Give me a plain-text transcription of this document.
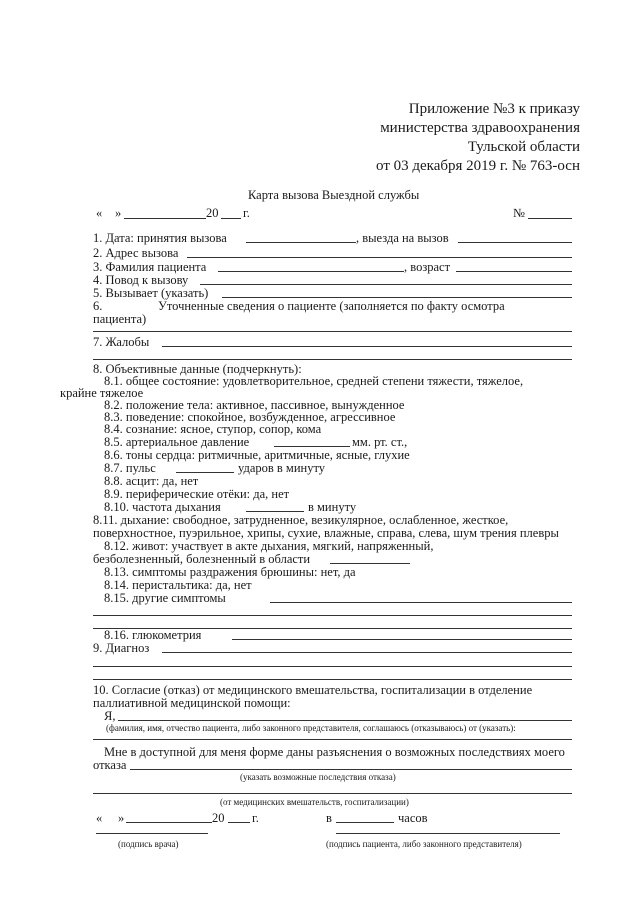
Приложение №3 к приказу
министерства здравоохранения
Тульской области
от 03 декабря 2019 г. № 763-осн
Карта вызова Выездной службы
« »	20 г.	№
1. Дата: принятия вызова	, выезда на вызов
2. Адрес вызова
3. Фамилия пациента	, возраст
4. Повод к вызову
5. Вызывает (указать)
6.	Уточненные сведения о пациенте (заполняется по факту осмотра
пациента)
7. Жалобы
8. Объективные данные (подчеркнуть):
8.1. общее состояние: удовлетворительное, средней степени тяжести, тяжелое,
крайне тяжелое
8.2. положение тела: активное, пассивное, вынужденное
8.3. поведение: спокойное, возбужденное, агрессивное
8.4. сознание: ясное, ступор, сопор, кома
8.5. артериальное давление	мм. рт. ст.,
8.6. тоны сердца: ритмичные, аритмичные, ясные, глухие
8.7. пульс	ударов в минуту
8.8. асцит: да, нет
8.9. периферические отёки: да, нет
8.10. частота дыхания	в минуту
8.11. дыхание: свободное, затрудненное, везикулярное, ослабленное, жесткое,
поверхностное, пуэрильное, хрипы, сухие, влажные, справа, слева, шум трения плевры
8.12. живот: участвует в акте дыхания, мягкий, напряженный,
безболезненный, болезненный в области
8.13. симптомы раздражения брюшины: нет, да
8.14. перистальтика: да, нет
8.15. другие симптомы
8.16. глюкометрия
9. Диагноз
10. Согласие (отказ) от медицинского вмешательства, госпитализации в отделение
паллиативной медицинской помощи:
Я,
(фамилия, имя, отчество пациента, либо законного представителя, соглашаюсь (отказываюсь) от (указать):
Мне в доступной для меня форме даны разъяснения о возможных последствиях моего
отказа
(указать возможные последствия отказа)
(от медицинских вмешательств, госпитализации)
« »	20 г.	в	часов
(подпись врача)	(подпись пациента, либо законного представителя)
